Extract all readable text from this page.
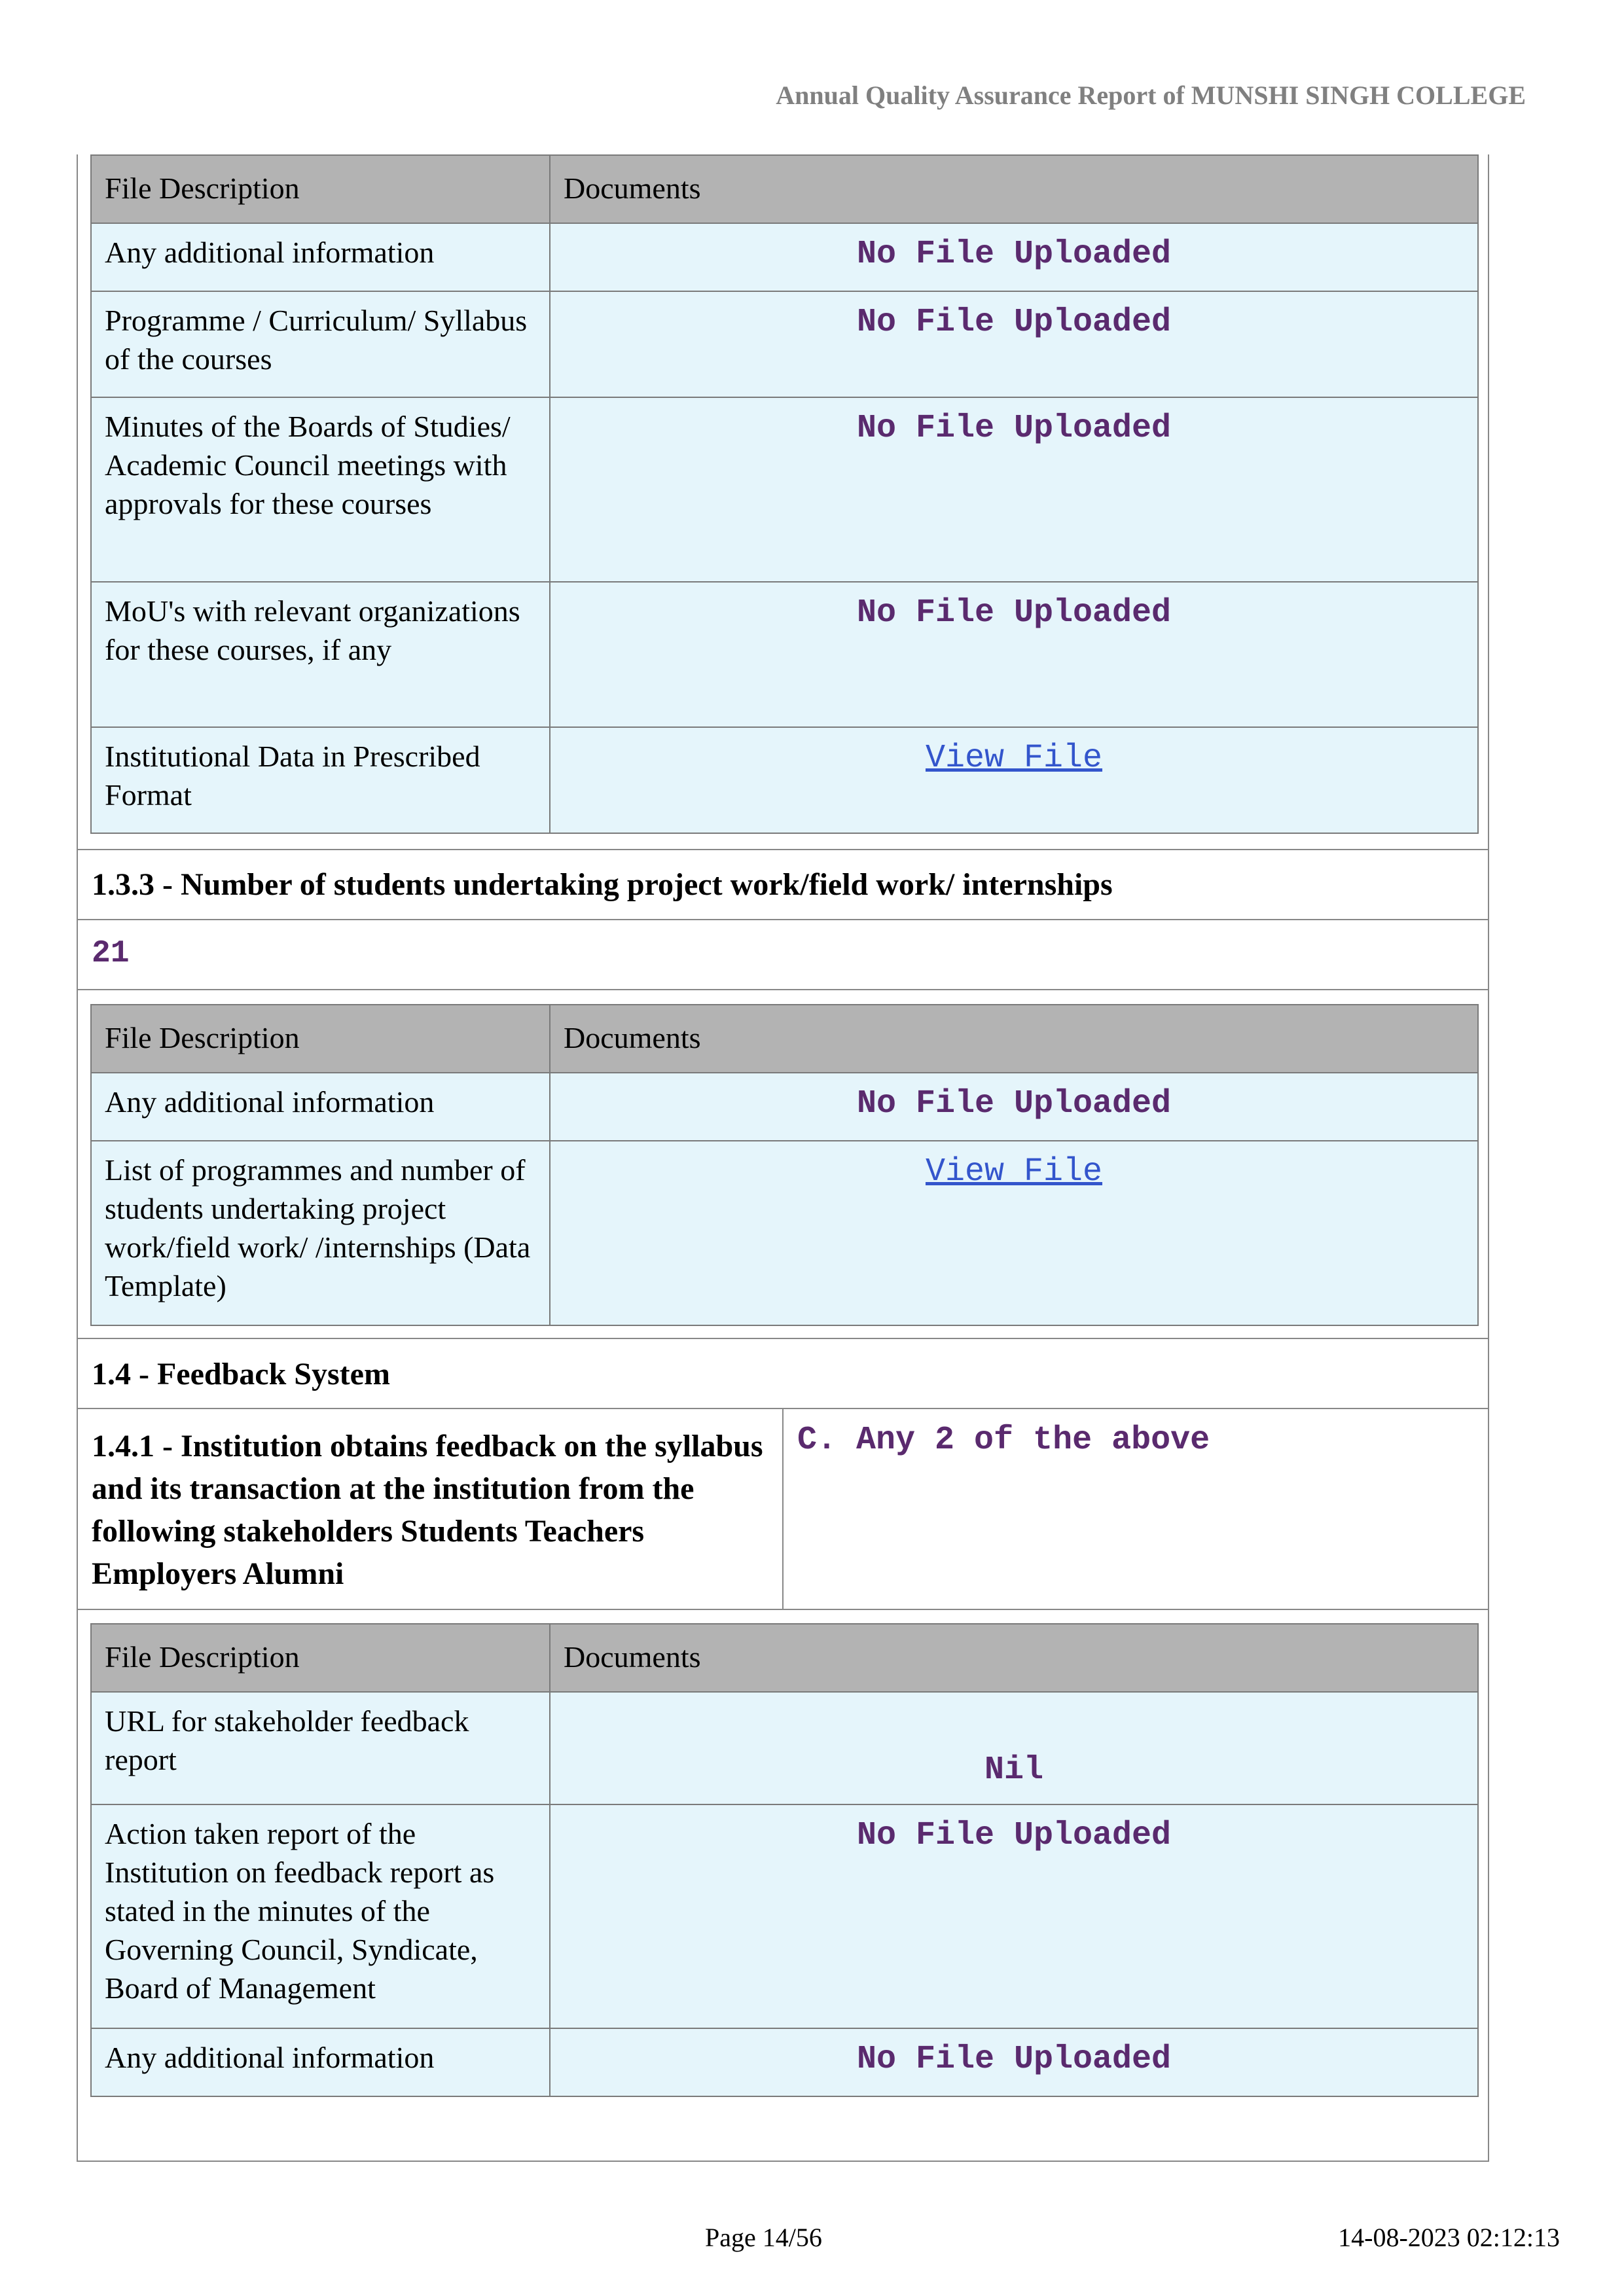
Annual Quality Assurance Report of MUNSHI SINGH COLLEGE
File Description	Documents
Any additional information	No File Uploaded
Programme / Curriculum/ Syllabus of the courses	No File Uploaded
Minutes of the Boards of Studies/ Academic Council meetings with approvals for these courses	No File Uploaded
MoU's with relevant organizations for these courses, if any	No File Uploaded
Institutional Data in Prescribed Format	View File
1.3.3 - Number of students undertaking project work/field work/ internships
21
File Description	Documents
Any additional information	No File Uploaded
List of programmes and number of students undertaking project work/field work/ /internships (Data Template)	View File
1.4 - Feedback System
1.4.1 - Institution obtains feedback on the syllabus and its transaction at the institution from the following stakeholders Students Teachers Employers Alumni
C. Any 2 of the above
File Description	Documents
URL for stakeholder feedback report	Nil
Action taken report of the Institution on feedback report as stated in the minutes of the Governing Council, Syndicate, Board of Management	No File Uploaded
Any additional information	No File Uploaded
Page 14/56	14-08-2023 02:12:13
